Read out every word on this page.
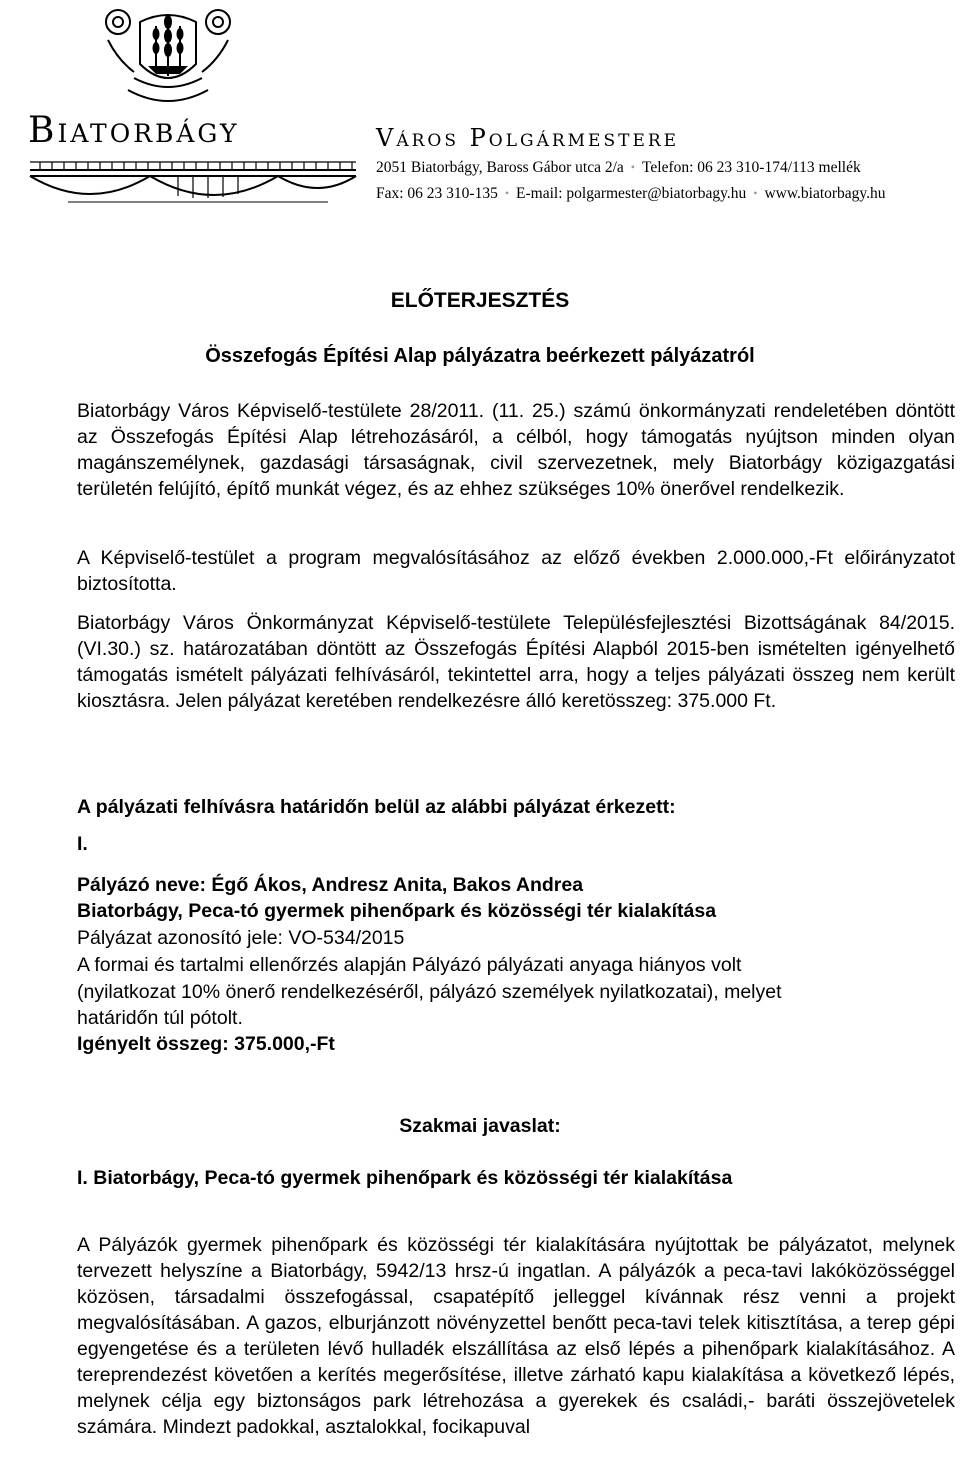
Biatorbágy	Város Polgármestere
2051 Biatorbágy, Baross Gábor utca 2/a • Telefon: 06 23 310-174/113 mellék
Fax: 06 23 310-135 • E-mail: polgarmester@biatorbagy.hu • www.biatorbagy.hu
ELŐTERJESZTÉS
Összefogás Építési Alap pályázatra beérkezett pályázatról
Biatorbágy Város Képviselő-testülete 28/2011. (11. 25.) számú önkormányzati rendeletében döntött az Összefogás Építési Alap létrehozásáról, a célból, hogy támogatás nyújtson minden olyan magánszemélynek, gazdasági társaságnak, civil szervezetnek, mely Biatorbágy közigazgatási területén felújító, építő munkát végez, és az ehhez szükséges 10% önerővel rendelkezik.
A Képviselő-testület a program megvalósításához az előző években 2.000.000,-Ft előirányzatot biztosította.
Biatorbágy Város Önkormányzat Képviselő-testülete Településfejlesztési Bizottságának 84/2015. (VI.30.) sz. határozatában döntött az Összefogás Építési Alapból 2015-ben ismételten igényelhető támogatás ismételt pályázati felhívásáról, tekintettel arra, hogy a teljes pályázati összeg nem került kiosztásra. Jelen pályázat keretében rendelkezésre álló keretösszeg: 375.000 Ft.
A pályázati felhívásra határidőn belül az alábbi pályázat érkezett:
I.
Pályázó neve: Égő Ákos, Andresz Anita, Bakos Andrea
Biatorbágy, Peca-tó gyermek pihenőpark és közösségi tér kialakítása
Pályázat azonosító jele: VO-534/2015
A formai és tartalmi ellenőrzés alapján Pályázó pályázati anyaga hiányos volt
(nyilatkozat 10% önerő rendelkezéséről, pályázó személyek nyilatkozatai), melyet
határidőn túl pótolt.
Igényelt összeg: 375.000,-Ft
Szakmai javaslat:
I. Biatorbágy, Peca-tó gyermek pihenőpark és közösségi tér kialakítása
A Pályázók gyermek pihenőpark és közösségi tér kialakítására nyújtottak be pályázatot, melynek tervezett helyszíne a Biatorbágy, 5942/13 hrsz-ú ingatlan. A pályázók a peca-tavi lakóközösséggel közösen, társadalmi összefogással, csapatépítő jelleggel kívánnak rész venni a projekt megvalósításában. A gazos, elburjánzott növényzettel benőtt peca-tavi telek kitisztítása, a terep gépi egyengetése és a területen lévő hulladék elszállítása az első lépés a pihenőpark kialakításához. A tereprendezést követően a kerítés megerősítése, illetve zárható kapu kialakítása a következő lépés, melynek célja egy biztonságos park létrehozása a gyerekek és családi,- baráti összejövetelek számára. Mindezt padokkal, asztalokkal, focikapuval
